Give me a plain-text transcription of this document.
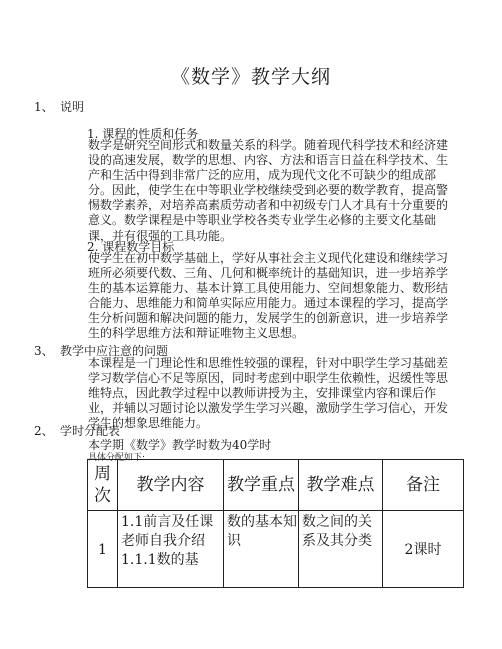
《数学》教学大纲
1、 说明
1. 课程的性质和任务
数学是研究空间形式和数量关系的科学。随着现代科学技术和经济建
设的高速发展，数学的思想、内容、方法和语言日益在科学技术、生
产和生活中得到非常广泛的应用，成为现代文化不可缺少的组成部
分。因此，使学生在中等职业学校继续受到必要的数学教育，提高警
惕数学素养，对培养高素质劳动者和中初级专门人才具有十分重要的
意义。数学课程是中等职业学校各类专业学生必修的主要文化基础
课，并有很强的工具功能。
2. 课程数学目标
使学生在初中数学基础上，学好从事社会主义现代化建设和继续学习
班所必须要代数、三角、几何和概率统计的基础知识，进一步培养学
生的基本运算能力、基本计算工具使用能力、空间想象能力、数形结
合能力、思维能力和简单实际应用能力。通过本课程的学习，提高学
生分析问题和解决问题的能力，发展学生的创新意识，进一步培养学
生的科学思维方法和辩证唯物主义思想。
3、 教学中应注意的问题
本课程是一门理论性和思维性较强的课程，针对中职学生学习基础差
学习数学信心不足等原因，同时考虑到中职学生依赖性，迟缓性等思
维特点，因此教学过程中以教师讲授为主，安排课堂内容和课后作
业，并辅以习题讨论以激发学生学习兴趣，激励学生学习信心，开发
学生的想象思维能力。
2、 学时分配表
本学期《数学》教学时数为40学时
具体分配如下:
周次	教学内容	教学重点	教学难点	备注
1	1.1前言及任课老师自我介绍1.1.1数的基	数的基本知识	数之间的关系及其分类	2课时
